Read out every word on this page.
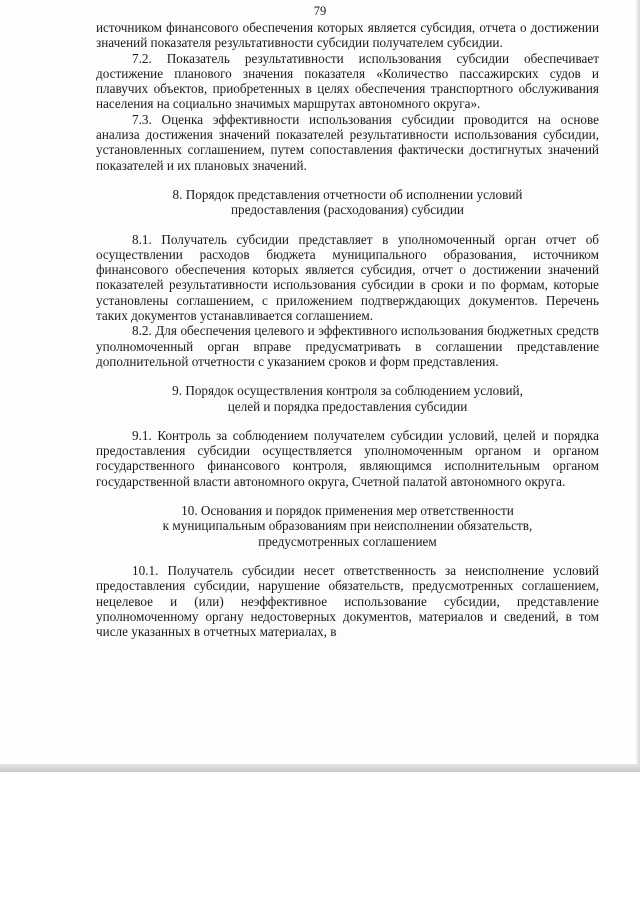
79

источником финансового обеспечения которых является субсидия, отчета о достижении значений показателя результативности субсидии получателем субсидии.

7.2. Показатель результативности использования субсидии обеспечивает достижение планового значения показателя «Количество пассажирских судов и плавучих объектов, приобретенных в целях обеспечения транспортного обслуживания населения на социально значимых маршрутах автономного округа».

7.3. Оценка эффективности использования субсидии проводится на основе анализа достижения значений показателей результативности использования субсидии, установленных соглашением, путем сопоставления фактически достигнутых значений показателей и их плановых значений.

8. Порядок представления отчетности об исполнении условий
предоставления (расходования) субсидии

8.1. Получатель субсидии представляет в уполномоченный орган отчет об осуществлении расходов бюджета муниципального образования, источником финансового обеспечения которых является субсидия, отчет о достижении значений показателей результативности использования субсидии в сроки и по формам, которые установлены соглашением, с приложением подтверждающих документов. Перечень таких документов устанавливается соглашением.

8.2. Для обеспечения целевого и эффективного использования бюджетных средств уполномоченный орган вправе предусматривать в соглашении представление дополнительной отчетности с указанием сроков и форм представления.

9. Порядок осуществления контроля за соблюдением условий,
целей и порядка предоставления субсидии

9.1. Контроль за соблюдением получателем субсидии условий, целей и порядка предоставления субсидии осуществляется уполномоченным органом и органом государственного финансового контроля, являющимся исполнительным органом государственной власти автономного округа, Счетной палатой автономного округа.

10. Основания и порядок применения мер ответственности
к муниципальным образованиям при неисполнении обязательств,
предусмотренных соглашением

10.1. Получатель субсидии несет ответственность за неисполнение условий предоставления субсидии, нарушение обязательств, предусмотренных соглашением, нецелевое и (или) неэффективное использование субсидии, представление уполномоченному органу недостоверных документов, материалов и сведений, в том числе указанных в отчетных материалах, в
